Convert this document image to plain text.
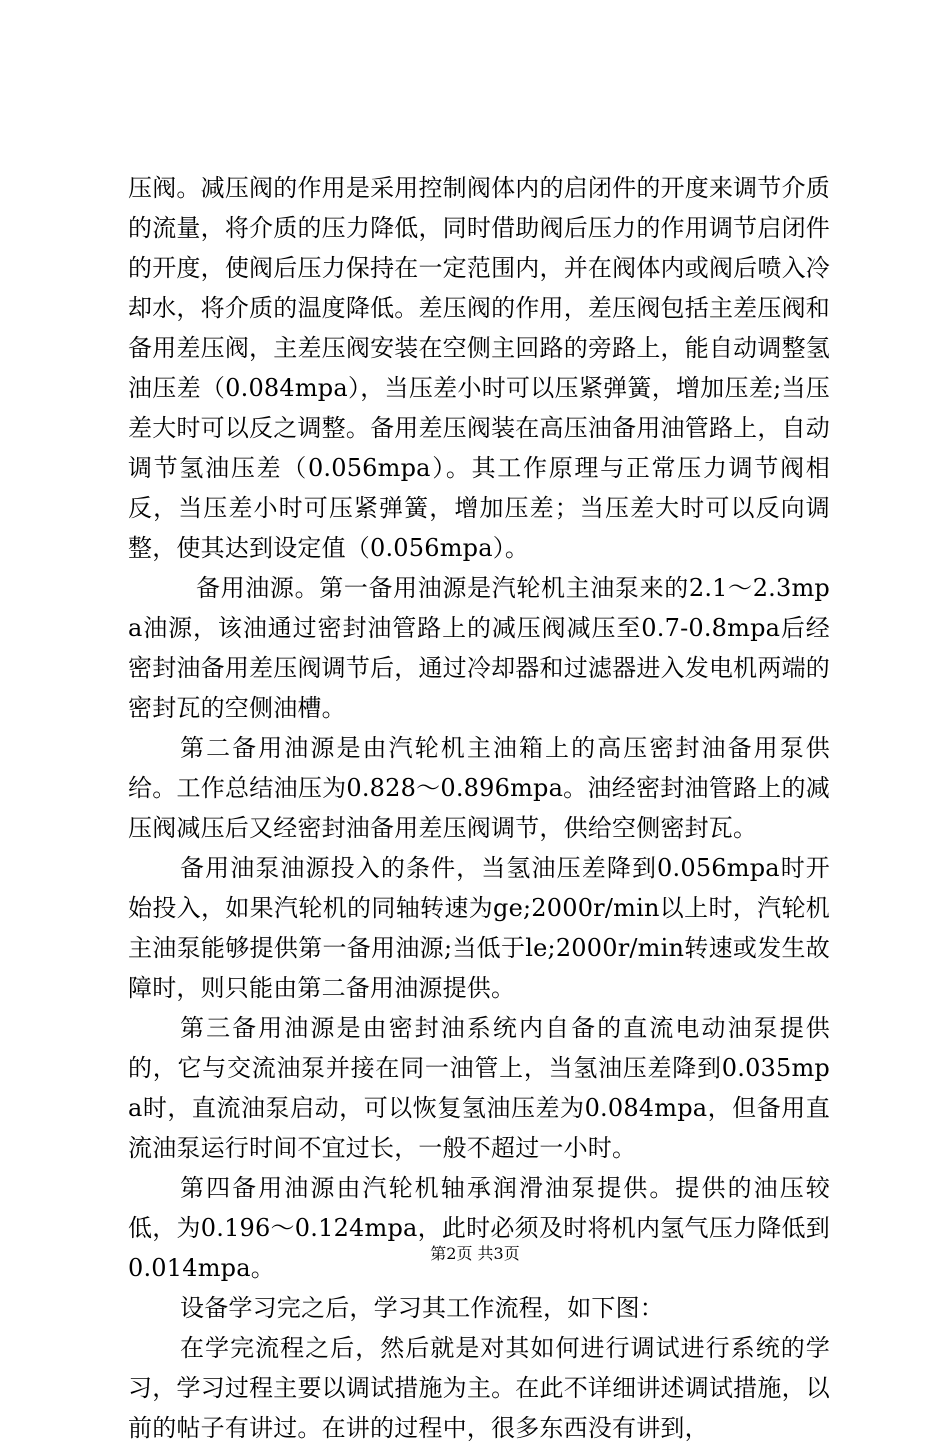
压阀。减压阀的作用是采用控制阀体内的启闭件的开度来调节介质的流量，将介质的压力降低，同时借助阀后压力的作用调节启闭件的开度，使阀后压力保持在一定范围内，并在阀体内或阀后喷入冷却水，将介质的温度降低。差压阀的作用，差压阀包括主差压阀和备用差压阀，主差压阀安装在空侧主回路的旁路上，能自动调整氢油压差（0.084mpa），当压差小时可以压紧弹簧，增加压差;当压差大时可以反之调整。备用差压阀装在高压油备用油管路上，自动调节氢油压差（0.056mpa）。其工作原理与正常压力调节阀相反，当压差小时可压紧弹簧，增加压差；当压差大时可以反向调整，使其达到设定值（0.056mpa）。

备用油源。第一备用油源是汽轮机主油泵来的2.1～2.3mpa油源，该油通过密封油管路上的减压阀减压至0.7-0.8mpa后经密封油备用差压阀调节后，通过冷却器和过滤器进入发电机两端的密封瓦的空侧油槽。

第二备用油源是由汽轮机主油箱上的高压密封油备用泵供给。工作总结油压为0.828～0.896mpa。油经密封油管路上的减压阀减压后又经密封油备用差压阀调节，供给空侧密封瓦。

备用油泵油源投入的条件，当氢油压差降到0.056mpa时开始投入，如果汽轮机的同轴转速为ge;2000r/min以上时，汽轮机主油泵能够提供第一备用油源;当低于le;2000r/min转速或发生故障时，则只能由第二备用油源提供。

第三备用油源是由密封油系统内自备的直流电动油泵提供的，它与交流油泵并接在同一油管上，当氢油压差降到0.035mpa时，直流油泵启动，可以恢复氢油压差为0.084mpa，但备用直流油泵运行时间不宜过长，一般不超过一小时。

第四备用油源由汽轮机轴承润滑油泵提供。提供的油压较低，为0.196～0.124mpa，此时必须及时将机内氢气压力降低到0.014mpa。

设备学习完之后，学习其工作流程，如下图：

在学完流程之后，然后就是对其如何进行调试进行系统的学习，学习过程主要以调试措施为主。在此不详细讲述调试措施，以前的帖子有讲过。在讲的过程中，很多东西没有讲到，

第2页 共3页
